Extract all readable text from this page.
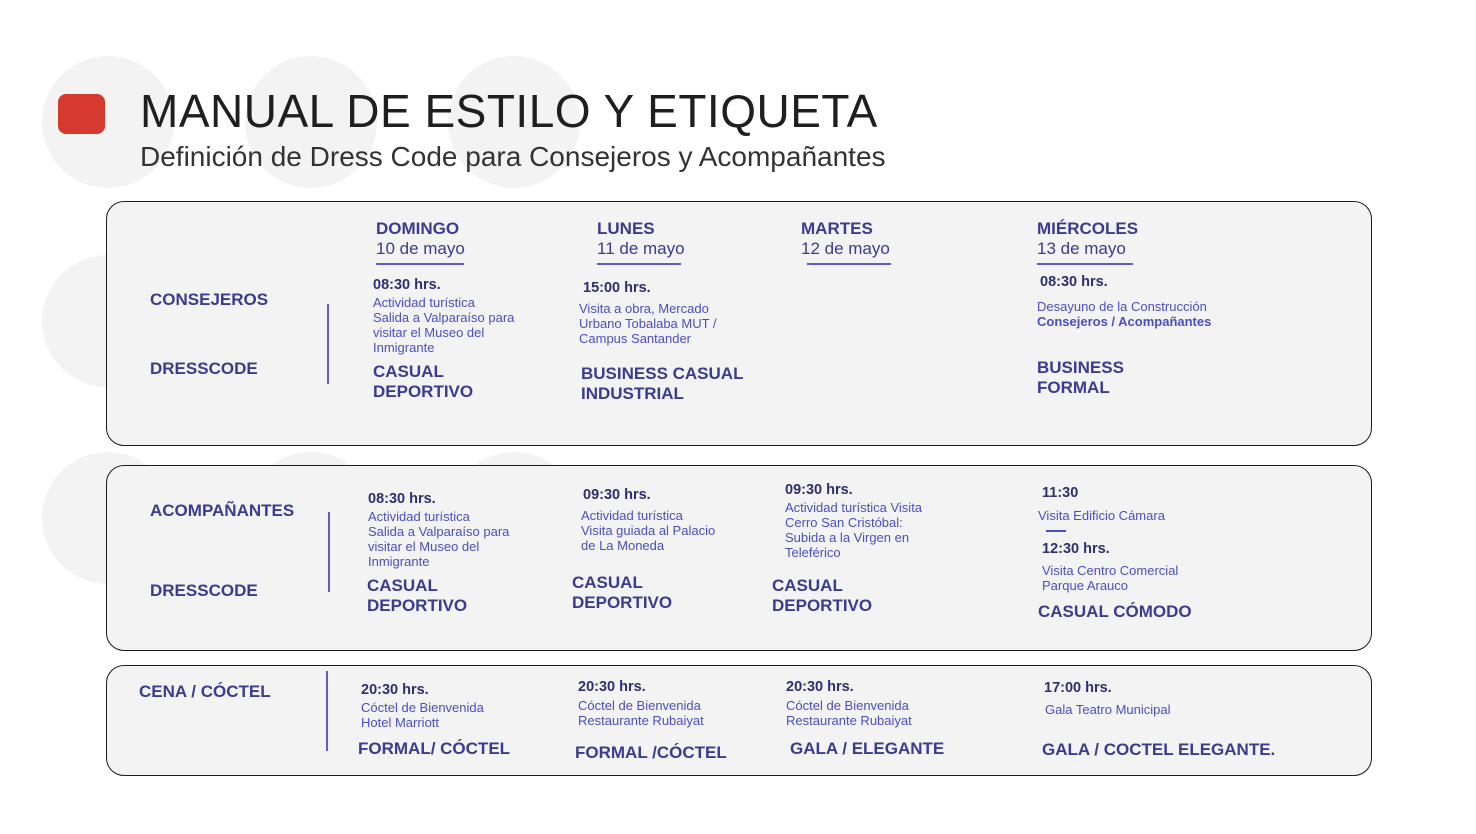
MANUAL DE ESTILO Y ETIQUETA
Definición de Dress Code para Consejeros y Acompañantes
DOMINGO
10 de mayo
LUNES
11 de mayo
MARTES
12 de mayo
MIÉRCOLES
13 de mayo
CONSEJEROS
DRESSCODE
08:30 hrs.
Actividad turística
Salida a Valparaíso para
visitar el Museo del
Inmigrante
CASUAL
DEPORTIVO
15:00 hrs.
Visita a obra, Mercado
Urbano Tobalaba MUT /
Campus Santander
BUSINESS CASUAL
INDUSTRIAL
08:30 hrs.
Desayuno de la Construcción
Consejeros / Acompañantes
BUSINESS
FORMAL
ACOMPAÑANTES
DRESSCODE
08:30 hrs.
Actividad turística
Salida a Valparaíso para
visitar el Museo del
Inmigrante
CASUAL
DEPORTIVO
09:30 hrs.
Actividad turística
Visita guiada al Palacio
de La Moneda
CASUAL
DEPORTIVO
09:30 hrs.
Actividad turística Visita
Cerro San Cristóbal:
Subida a la Virgen en
Teleférico
CASUAL
DEPORTIVO
11:30
Visita Edificio Cámara
12:30 hrs.
Visita Centro Comercial
Parque Arauco
CASUAL CÓMODO
CENA / CÓCTEL	20:30 hrs.
Cóctel de Bienvenida
Hotel Marriott
FORMAL/ CÓCTEL
20:30 hrs.
Cóctel de Bienvenida
Restaurante Rubaiyat
FORMAL /CÓCTEL
20:30 hrs.
Cóctel de Bienvenida
Restaurante Rubaiyat
GALA / ELEGANTE
17:00 hrs.
Gala Teatro Municipal
GALA / COCTEL ELEGANTE.
